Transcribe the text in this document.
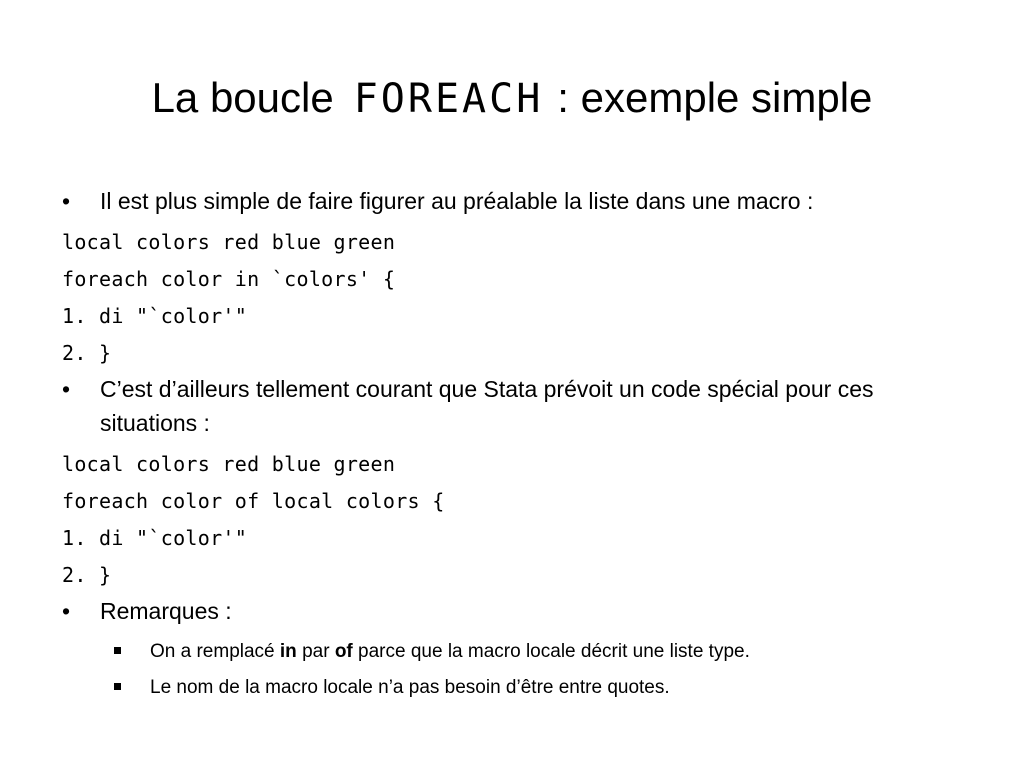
La boucle FOREACH : exemple simple
•	Il est plus simple de faire figurer au préalable la liste dans une macro :
local colors red blue green
foreach color in `colors' {
1. di "`color'"
2. }
•	C’est d’ailleurs tellement courant que Stata prévoit un code spécial pour ces situations :
local colors red blue green
foreach color of local colors {
1. di "`color'"
2. }
•	Remarques :
On a remplacé in par of parce que la macro locale décrit une liste type.
Le nom de la macro locale n’a pas besoin d’être entre quotes.
